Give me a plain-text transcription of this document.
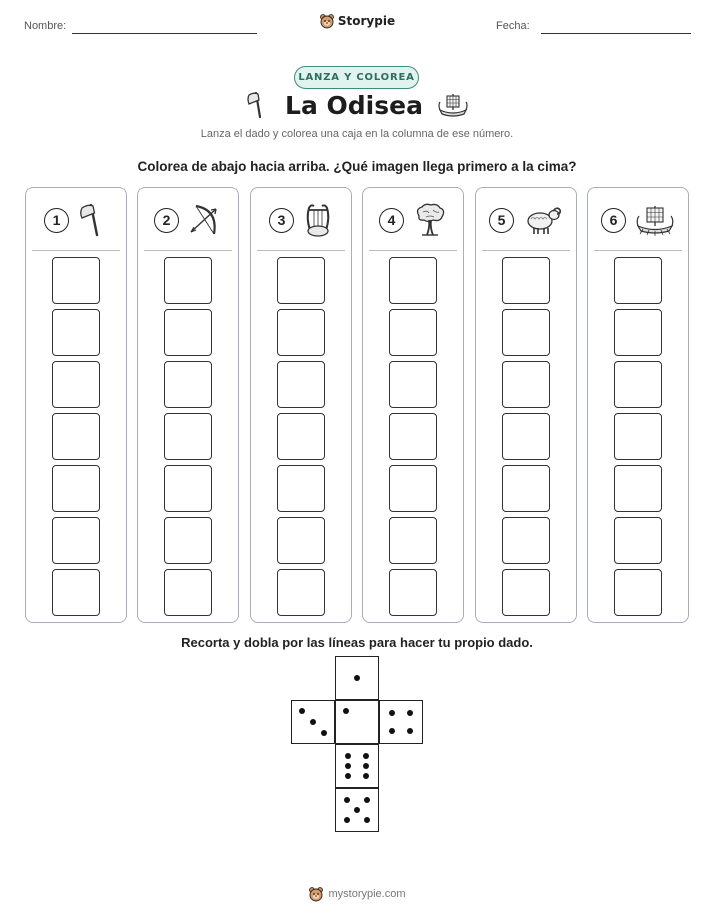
Nombre:	Fecha:
Storypie
LANZA Y COLOREA
La Odisea
Lanza el dado y colorea una caja en la columna de ese número.
Colorea de abajo hacia arriba. ¿Qué imagen llega primero a la cima?
1	2	3	4	5	6
Recorta y dobla por las líneas para hacer tu propio dado.
mystorypie.com
